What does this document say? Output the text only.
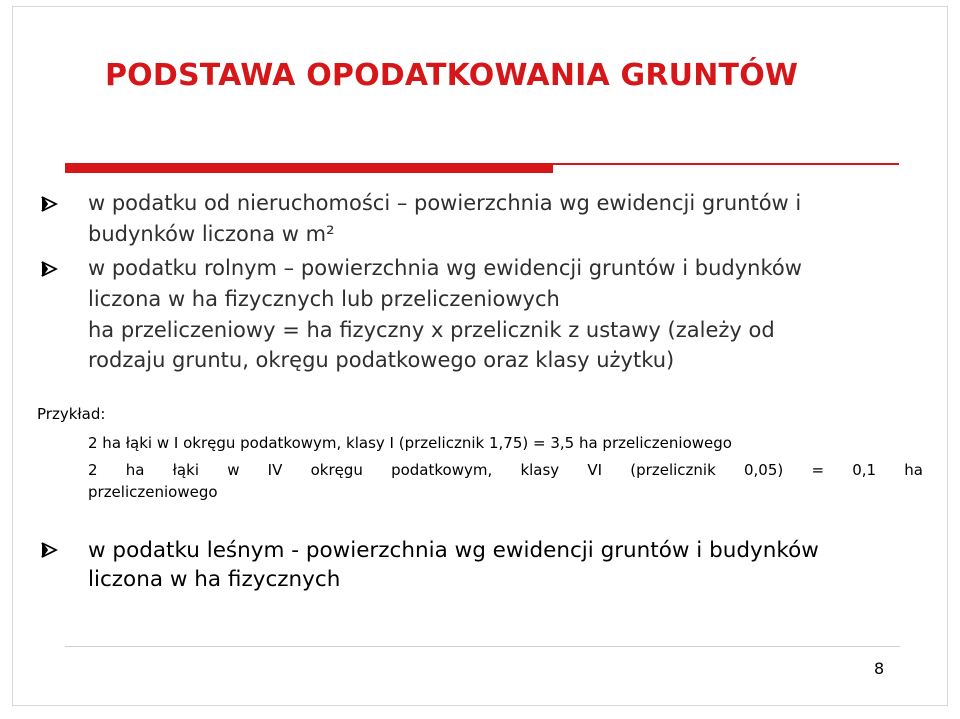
PODSTAWA OPODATKOWANIA GRUNTÓW

w podatku od nieruchomości – powierzchnia wg ewidencji gruntów i

budynków liczona w m²

w podatku rolnym – powierzchnia wg ewidencji gruntów i budynków

liczona w ha fizycznych lub przeliczeniowych

ha przeliczeniowy = ha fizyczny x przelicznik z ustawy (zależy od

rodzaju gruntu, okręgu podatkowego oraz klasy użytku)

Przykład:

2 ha łąki w I okręgu podatkowym, klasy I (przelicznik 1,75) = 3,5 ha przeliczeniowego

2 ha łąki w IV okręgu podatkowym, klasy VI (przelicznik 0,05) = 0,1 ha

przeliczeniowego

w podatku leśnym - powierzchnia wg ewidencji gruntów i budynków

liczona w ha fizycznych

8
